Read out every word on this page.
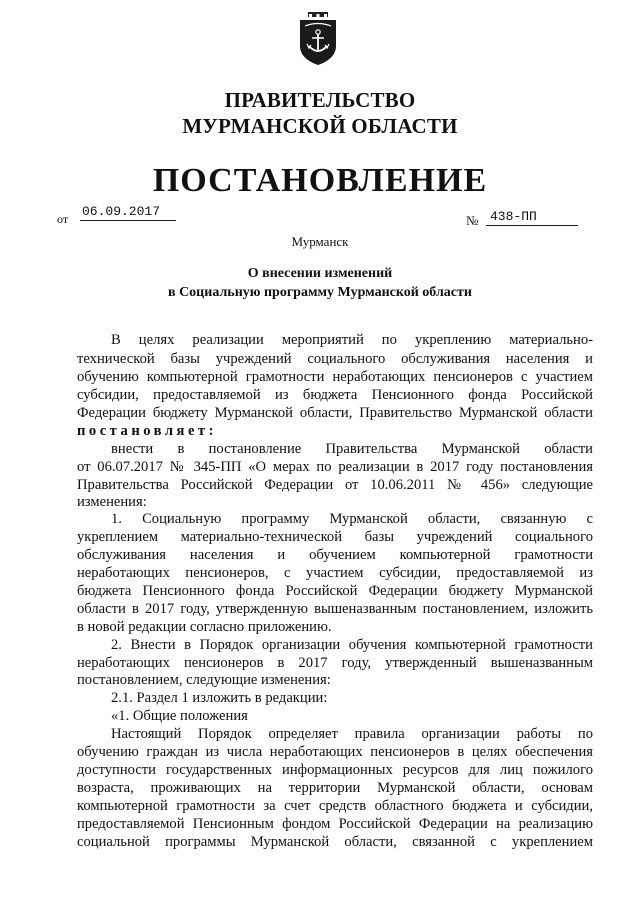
ПРАВИТЕЛЬСТВО
МУРМАНСКОЙ ОБЛАСТИ
ПОСТАНОВЛЕНИЕ
от 06.09.2017
№ 438-ПП
Мурманск
О внесении изменений
в Социальную программу Мурманской области
В целях реализации мероприятий по укреплению материально-
технической базы учреждений социального обслуживания населения и
обучению компьютерной грамотности неработающих пенсионеров с участием
субсидии, предоставляемой из бюджета Пенсионного фонда Российской
Федерации бюджету Мурманской области, Правительство Мурманской области
постановляет:
внести в постановление Правительства Мурманской области
от 06.07.2017 № 345-ПП «О мерах по реализации в 2017 году постановления
Правительства Российской Федерации от 10.06.2011 № 456» следующие
изменения:
1. Социальную программу Мурманской области, связанную с
укреплением материально-технической базы учреждений социального
обслуживания населения и обучением компьютерной грамотности
неработающих пенсионеров, с участием субсидии, предоставляемой из
бюджета Пенсионного фонда Российской Федерации бюджету Мурманской
области в 2017 году, утвержденную вышеназванным постановлением, изложить
в новой редакции согласно приложению.
2. Внести в Порядок организации обучения компьютерной грамотности
неработающих пенсионеров в 2017 году, утвержденный вышеназванным
постановлением, следующие изменения:
2.1. Раздел 1 изложить в редакции:
«1. Общие положения
Настоящий Порядок определяет правила организации работы по
обучению граждан из числа неработающих пенсионеров в целях обеспечения
доступности государственных информационных ресурсов для лиц пожилого
возраста, проживающих на территории Мурманской области, основам
компьютерной грамотности за счет средств областного бюджета и субсидии,
предоставляемой Пенсионным фондом Российской Федерации на реализацию
социальной программы Мурманской области, связанной с укреплением
